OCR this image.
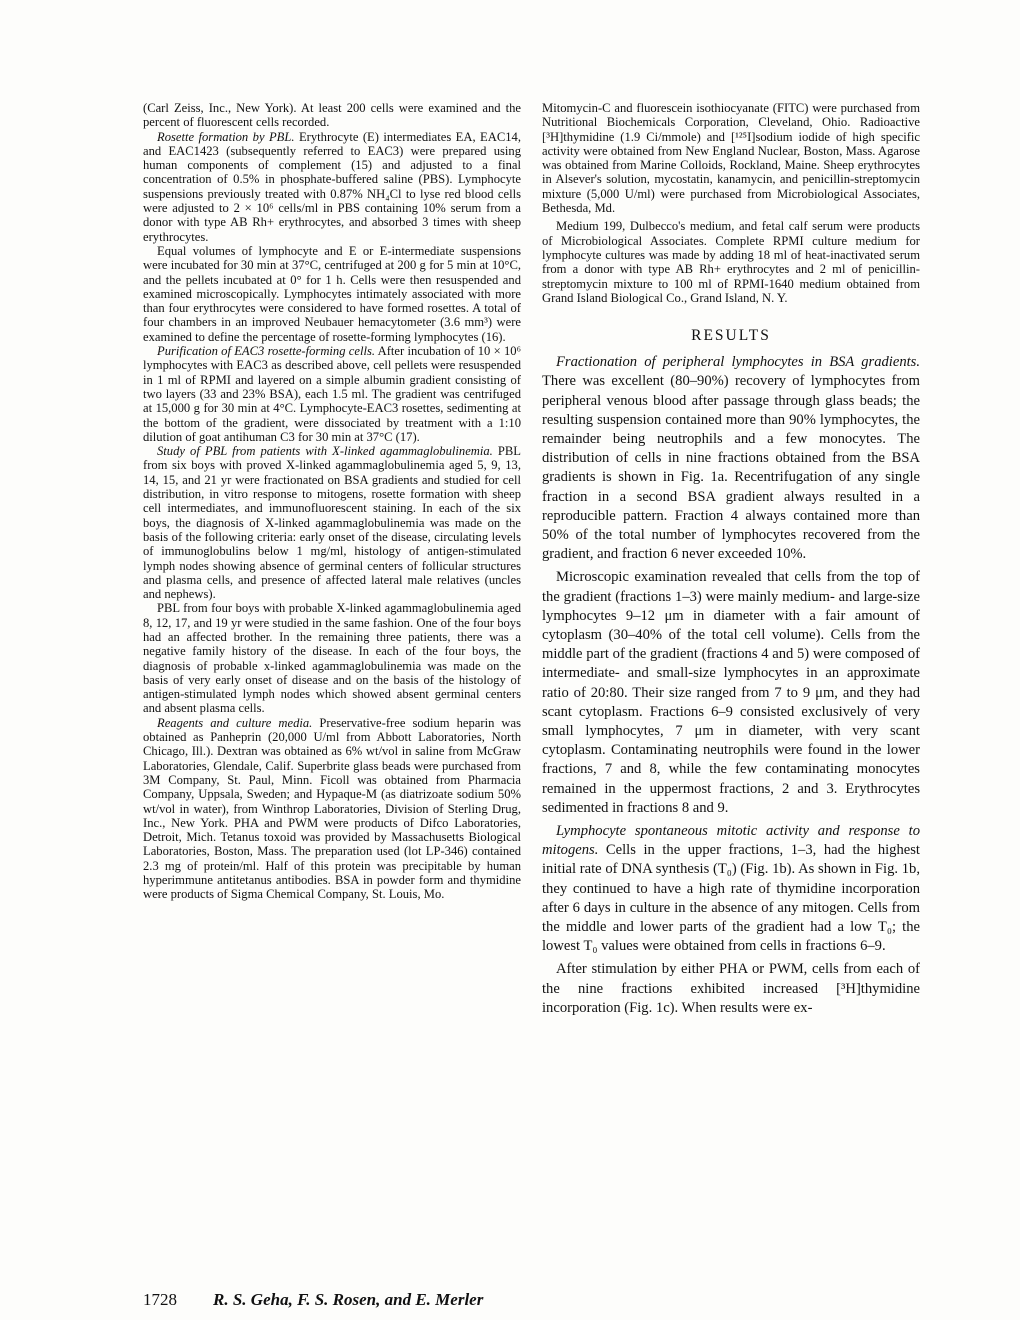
(Carl Zeiss, Inc., New York). At least 200 cells were examined and the percent of fluorescent cells recorded.

Rosette formation by PBL. Erythrocyte (E) intermediates EA, EAC14, and EAC1423 (subsequently referred to EAC3) were prepared using human components of complement (15) and adjusted to a final concentration of 0.5% in phosphate-buffered saline (PBS). Lymphocyte suspensions previously treated with 0.87% NH₄Cl to lyse red blood cells were adjusted to 2 × 10⁶ cells/ml in PBS containing 10% serum from a donor with type AB Rh+ erythrocytes, and absorbed 3 times with sheep erythrocytes.

Equal volumes of lymphocyte and E or E-intermediate suspensions were incubated for 30 min at 37°C, centrifuged at 200 g for 5 min at 10°C, and the pellets incubated at 0° for 1 h. Cells were then resuspended and examined microscopically. Lymphocytes intimately associated with more than four erythrocytes were considered to have formed rosettes. A total of four chambers in an improved Neubauer hemacytometer (3.6 mm³) were examined to define the percentage of rosette-forming lymphocytes (16).

Purification of EAC3 rosette-forming cells. After incubation of 10 × 10⁶ lymphocytes with EAC3 as described above, cell pellets were resuspended in 1 ml of RPMI and layered on a simple albumin gradient consisting of two layers (33 and 23% BSA), each 1.5 ml. The gradient was centrifuged at 15,000 g for 30 min at 4°C. Lymphocyte-EAC3 rosettes, sedimenting at the bottom of the gradient, were dissociated by treatment with a 1:10 dilution of goat antihuman C3 for 30 min at 37°C (17).

Study of PBL from patients with X-linked agammaglobulinemia. PBL from six boys with proved X-linked agammaglobulinemia aged 5, 9, 13, 14, 15, and 21 yr were fractionated on BSA gradients and studied for cell distribution, in vitro response to mitogens, rosette formation with sheep cell intermediates, and immunofluorescent staining. In each of the six boys, the diagnosis of X-linked agammaglobulinemia was made on the basis of the following criteria: early onset of the disease, circulating levels of immunoglobulins below 1 mg/ml, histology of antigen-stimulated lymph nodes showing absence of germinal centers of follicular structures and plasma cells, and presence of affected lateral male relatives (uncles and nephews).

PBL from four boys with probable X-linked agammaglobulinemia aged 8, 12, 17, and 19 yr were studied in the same fashion. One of the four boys had an affected brother. In the remaining three patients, there was a negative family history of the disease. In each of the four boys, the diagnosis of probable x-linked agammaglobulinemia was made on the basis of very early onset of disease and on the basis of the histology of antigen-stimulated lymph nodes which showed absent germinal centers and absent plasma cells.

Reagents and culture media. Preservative-free sodium heparin was obtained as Panheprin (20,000 U/ml from Abbott Laboratories, North Chicago, Ill.). Dextran was obtained as 6% wt/vol in saline from McGraw Laboratories, Glendale, Calif. Superbrite glass beads were purchased from 3M Company, St. Paul, Minn. Ficoll was obtained from Pharmacia Company, Uppsala, Sweden; and Hypaque-M (as diatrizoate sodium 50% wt/vol in water), from Winthrop Laboratories, Division of Sterling Drug, Inc., New York. PHA and PWM were products of Difco Laboratories, Detroit, Mich. Tetanus toxoid was provided by Massachusetts Biological Laboratories, Boston, Mass. The preparation used (lot LP-346) contained 2.3 mg of protein/ml. Half of this protein was precipitable by human hyperimmune antitetanus antibodies. BSA in powder form and thymidine were products of Sigma Chemical Company, St. Louis, Mo.

Mitomycin-C and fluorescein isothiocyanate (FITC) were purchased from Nutritional Biochemicals Corporation, Cleveland, Ohio. Radioactive [³H]thymidine (1.9 Ci/mmole) and [¹²⁵I]sodium iodide of high specific activity were obtained from New England Nuclear, Boston, Mass. Agarose was obtained from Marine Colloids, Rockland, Maine. Sheep erythrocytes in Alsever's solution, mycostatin, kanamycin, and penicillin-streptomycin mixture (5,000 U/ml) were purchased from Microbiological Associates, Bethesda, Md.

Medium 199, Dulbecco's medium, and fetal calf serum were products of Microbiological Associates. Complete RPMI culture medium for lymphocyte cultures was made by adding 18 ml of heat-inactivated serum from a donor with type AB Rh+ erythrocytes and 2 ml of penicillin-streptomycin mixture to 100 ml of RPMI-1640 medium obtained from Grand Island Biological Co., Grand Island, N. Y.

RESULTS

Fractionation of peripheral lymphocytes in BSA gradients. There was excellent (80–90%) recovery of lymphocytes from peripheral venous blood after passage through glass beads; the resulting suspension contained more than 90% lymphocytes, the remainder being neutrophils and a few monocytes. The distribution of cells in nine fractions obtained from the BSA gradients is shown in Fig. 1a. Recentrifugation of any single fraction in a second BSA gradient always resulted in a reproducible pattern. Fraction 4 always contained more than 50% of the total number of lymphocytes recovered from the gradient, and fraction 6 never exceeded 10%.

Microscopic examination revealed that cells from the top of the gradient (fractions 1–3) were mainly medium- and large-size lymphocytes 9–12 μm in diameter with a fair amount of cytoplasm (30–40% of the total cell volume). Cells from the middle part of the gradient (fractions 4 and 5) were composed of intermediate- and small-size lymphocytes in an approximate ratio of 20:80. Their size ranged from 7 to 9 μm, and they had scant cytoplasm. Fractions 6–9 consisted exclusively of very small lymphocytes, 7 μm in diameter, with very scant cytoplasm. Contaminating neutrophils were found in the lower fractions, 7 and 8, while the few contaminating monocytes remained in the uppermost fractions, 2 and 3. Erythrocytes sedimented in fractions 8 and 9.

Lymphocyte spontaneous mitotic activity and response to mitogens. Cells in the upper fractions, 1–3, had the highest initial rate of DNA synthesis (T₀) (Fig. 1b). As shown in Fig. 1b, they continued to have a high rate of thymidine incorporation after 6 days in culture in the absence of any mitogen. Cells from the middle and lower parts of the gradient had a low T₀; the lowest T₀ values were obtained from cells in fractions 6–9.

After stimulation by either PHA or PWM, cells from each of the nine fractions exhibited increased [³H]thymidine incorporation (Fig. 1c). When results were ex-

1728 R. S. Geha, F. S. Rosen, and E. Merler
